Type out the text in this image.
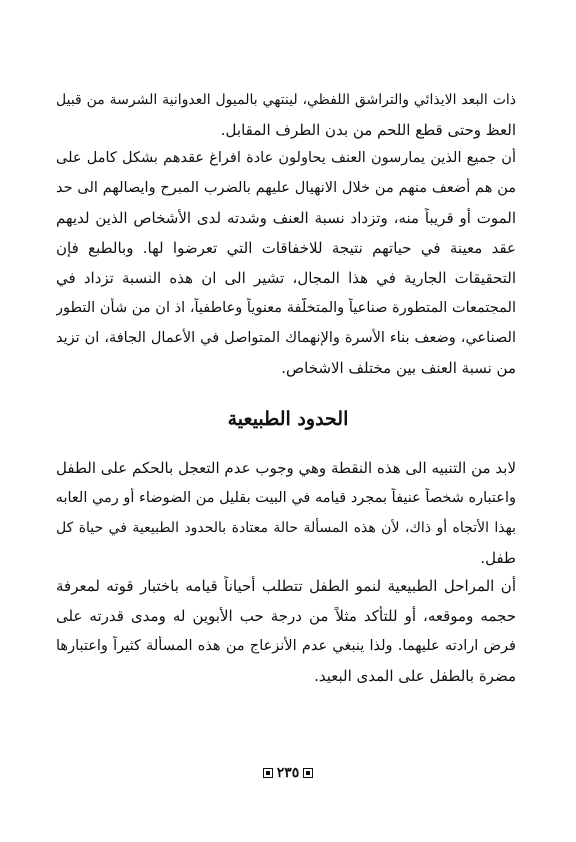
ذات البعد الايذائي والتراشق اللفظي، لينتهي بالميول العدوانية الشرسة من قبيل
العظ وحتى قطع اللحم من بدن الطرف المقابل.
أن جميع الذين يمارسون العنف يحاولون عادة افراغ عقدهم بشكل كامل على
من هم أضعف منهم من خلال الانهيال عليهم بالضرب المبرح وايصالهم الى حد
الموت أو قريباً منه، وتزداد نسبة العنف وشدته لدى الأشخاص الذين لديهم
عقد معينة في حياتهم نتيجة للاخفاقات التي تعرضوا لها. وبالطبع فإن
التحقيقات الجارية في هذا المجال، تشير الى ان هذه النسبة تزداد في
المجتمعات المتطورة صناعياً والمتخلّفة معنوياً وعاطفياً، اذ ان من شأن التطور
الصناعي، وضعف بناء الأسرة والإنهماك المتواصل في الأعمال الجافة، ان تزيد
من نسبة العنف بين مختلف الاشخاص.
الحدود الطبيعية
لابد من التنبيه الى هذه النقطة وهي وجوب عدم التعجل بالحكم على الطفل
واعتباره شخصاً عنيفاً بمجرد قيامه في البيت بقليل من الضوضاء أو رمي العابه
بهذا الأتجاه أو ذاك، لأن هذه المسألة حالة معتادة بالحدود الطبيعية في حياة كل
طفل.
أن المراحل الطبيعية لنمو الطفل تتطلب أحياناً قيامه باختبار قوته لمعرفة
حجمه وموقعه، أو للتأكد مثلاً من درجة حب الأبوين له ومدى قدرته على
فرض ارادته عليهما. ولذا ينبغي عدم الأنزعاج من هذه المسألة كثيراً واعتبارها
مضرة بالطفل على المدى البعيد.
٢٣٥
